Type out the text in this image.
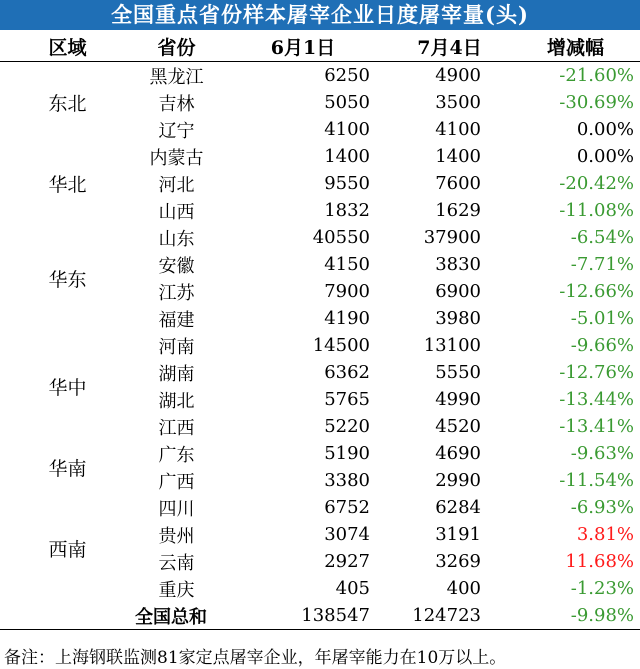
全国重点省份样本屠宰企业日度屠宰量(头)
区域	省份	6月1日	7月4日	增减幅
东北	黑龙江	6250	4900	-21.60%
	吉林	5050	3500	-30.69%
	辽宁	4100	4100	0.00%
华北	内蒙古	1400	1400	0.00%
	河北	9550	7600	-20.42%
	山西	1832	1629	-11.08%
华东	山东	40550	37900	-6.54%
	安徽	4150	3830	-7.71%
	江苏	7900	6900	-12.66%
	福建	4190	3980	-5.01%
华中	河南	14500	13100	-9.66%
	湖南	6362	5550	-12.76%
	湖北	5765	4990	-13.44%
	江西	5220	4520	-13.41%
华南	广东	5190	4690	-9.63%
	广西	3380	2990	-11.54%
西南	四川	6752	6284	-6.93%
	贵州	3074	3191	3.81%
	云南	2927	3269	11.68%
	重庆	405	400	-1.23%
	全国总和	138547	124723	-9.98%
备注：上海钢联监测81家定点屠宰企业，年屠宰能力在10万以上。
